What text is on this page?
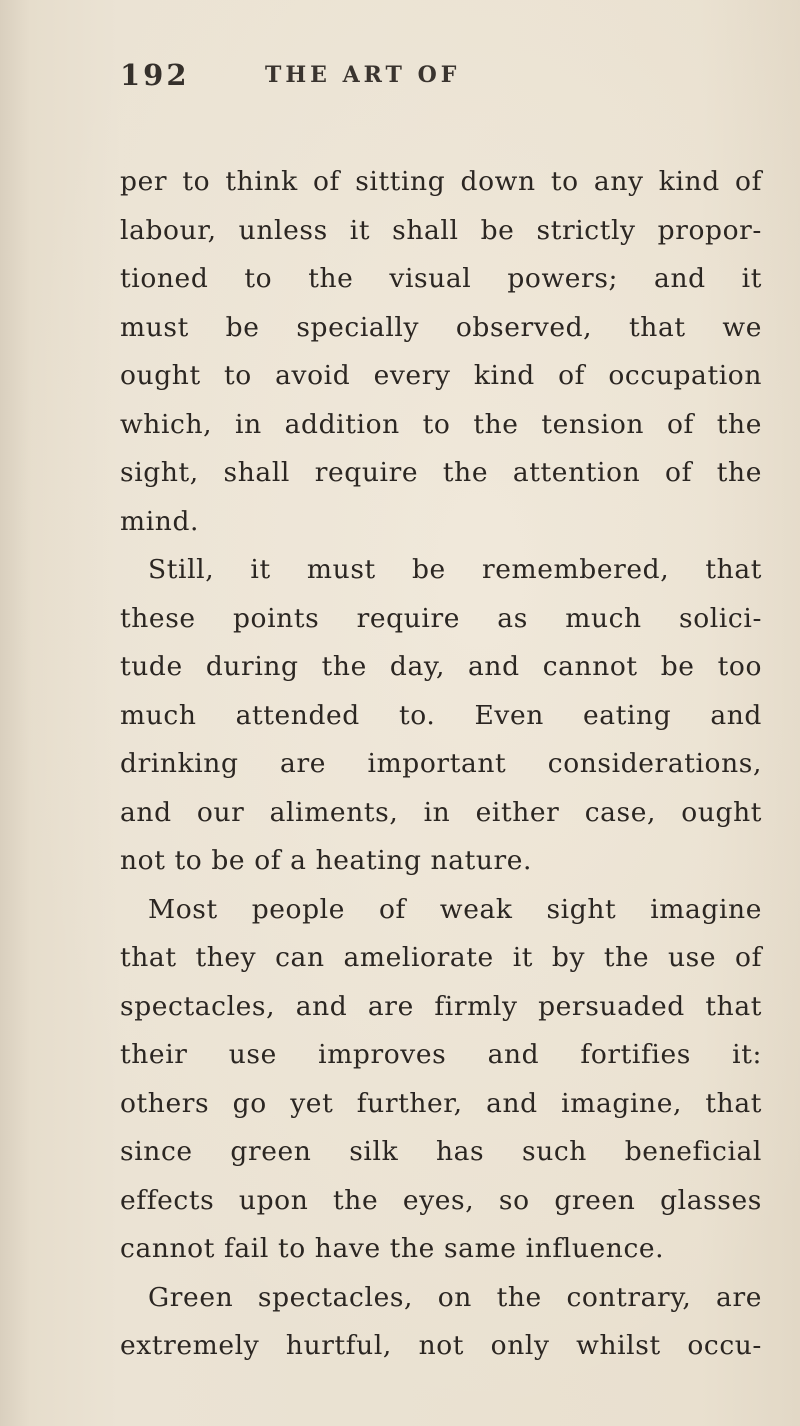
192	THE ART OF
per to think of sitting down to any kind of
labour, unless it shall be strictly propor-
tioned to the visual powers; and it
must be specially observed, that we
ought to avoid every kind of occupation
which, in addition to the tension of the
sight, shall require the attention of the
mind.
Still, it must be remembered, that
these points require as much solici-
tude during the day, and cannot be too
much attended to. Even eating and
drinking are important considerations,
and our aliments, in either case, ought
not to be of a heating nature.
Most people of weak sight imagine
that they can ameliorate it by the use of
spectacles, and are firmly persuaded that
their use improves and fortifies it:
others go yet further, and imagine, that
since green silk has such beneficial
effects upon the eyes, so green glasses
cannot fail to have the same influence.
Green spectacles, on the contrary, are
extremely hurtful, not only whilst occu-
